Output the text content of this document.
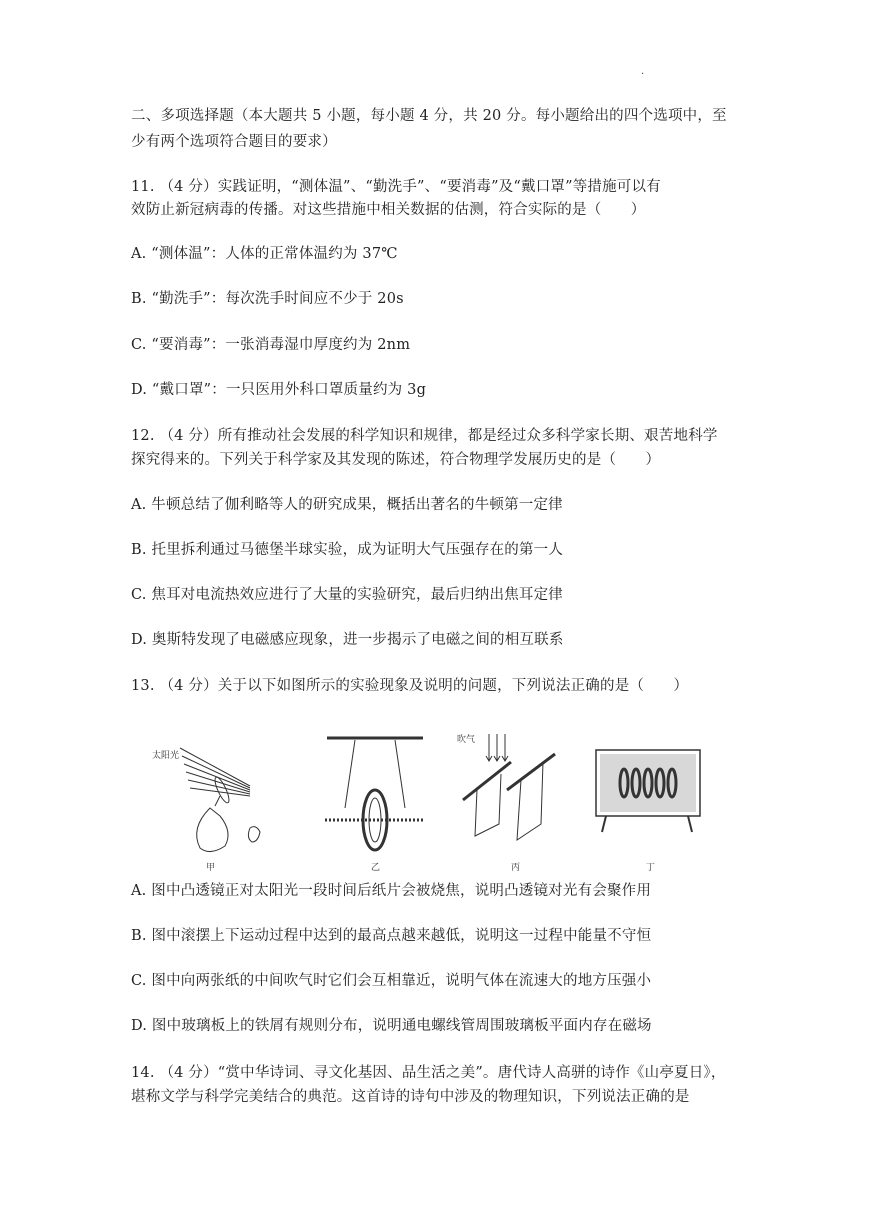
.
二、多项选择题（本大题共 5 小题，每小题 4 分，共 20 分。每小题给出的四个选项中，至
少有两个选项符合题目的要求）
11. （4 分）实践证明，“测体温”、“勤洗手”、“要消毒”及“戴口罩”等措施可以有
效防止新冠病毒的传播。对这些措施中相关数据的估测，符合实际的是（　　）
A. “测体温”：人体的正常体温约为 37℃
B. “勤洗手”：每次洗手时间应不少于 20s
C. “要消毒”：一张消毒湿巾厚度约为 2nm
D. “戴口罩”：一只医用外科口罩质量约为 3g
12. （4 分）所有推动社会发展的科学知识和规律，都是经过众多科学家长期、艰苦地科学
探究得来的。下列关于科学家及其发现的陈述，符合物理学发展历史的是（　　）
A. 牛顿总结了伽利略等人的研究成果，概括出著名的牛顿第一定律
B. 托里拆利通过马德堡半球实验，成为证明大气压强存在的第一人
C. 焦耳对电流热效应进行了大量的实验研究，最后归纳出焦耳定律
D. 奥斯特发现了电磁感应现象，进一步揭示了电磁之间的相互联系
13. （4 分）关于以下如图所示的实验现象及说明的问题，下列说法正确的是（　　）
太阳光
甲	乙
吹气
丙	丁
A. 图中凸透镜正对太阳光一段时间后纸片会被烧焦，说明凸透镜对光有会聚作用
B. 图中滚摆上下运动过程中达到的最高点越来越低，说明这一过程中能量不守恒
C. 图中向两张纸的中间吹气时它们会互相靠近，说明气体在流速大的地方压强小
D. 图中玻璃板上的铁屑有规则分布，说明通电螺线管周围玻璃板平面内存在磁场
14. （4 分）“赏中华诗词、寻文化基因、品生活之美”。唐代诗人高骈的诗作《山亭夏日》，
堪称文学与科学完美结合的典范。这首诗的诗句中涉及的物理知识，下列说法正确的是
